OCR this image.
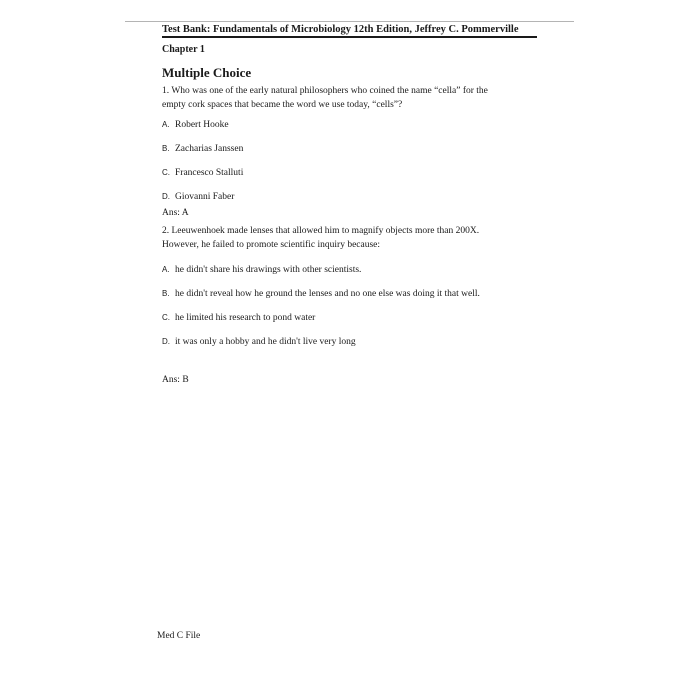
Test Bank: Fundamentals of Microbiology 12th Edition, Jeffrey C. Pommerville
Chapter 1
Multiple Choice
1. Who was one of the early natural philosophers who coined the name “cella” for the
empty cork spaces that became the word we use today, “cells”?
A. Robert Hooke
B. Zacharias Janssen
C. Francesco Stalluti
D. Giovanni Faber
Ans: A
2. Leeuwenhoek made lenses that allowed him to magnify objects more than 200X.
However, he failed to promote scientific inquiry because:
A. he didn't share his drawings with other scientists.
B. he didn't reveal how he ground the lenses and no one else was doing it that well.
C. he limited his research to pond water
D. it was only a hobby and he didn't live very long
Ans: B
Med C File
